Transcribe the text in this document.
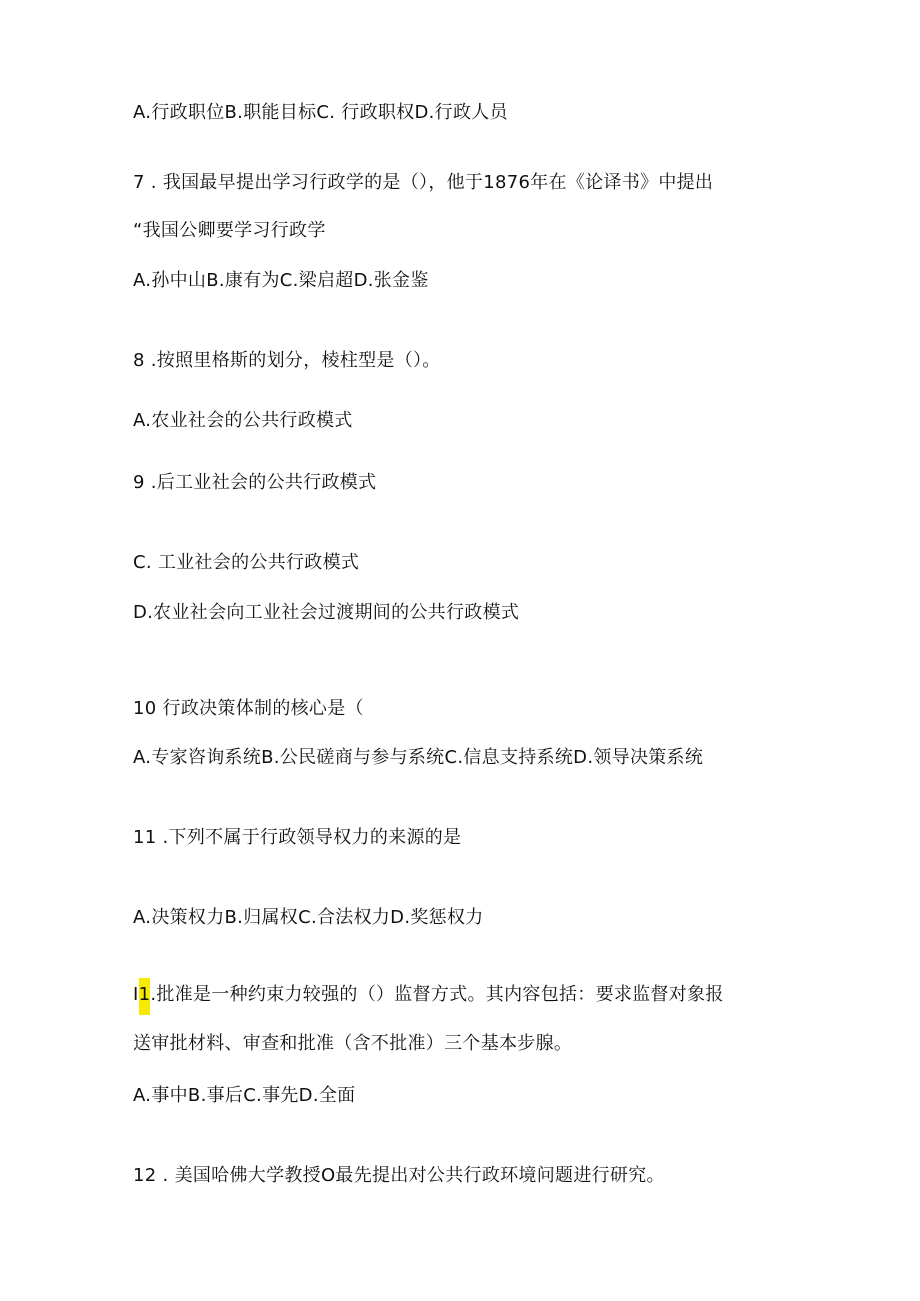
A.行政职位B.职能目标C. 行政职权D.行政人员
7 . 我国最早提出学习行政学的是（），他于1876年在《论译书》中提出
“我国公卿要学习行政学
A.孙中山B.康有为C.梁启超D.张金鉴
8 .按照里格斯的划分，棱柱型是（）。
A.农业社会的公共行政模式
9 .后工业社会的公共行政模式
C. 工业社会的公共行政模式
D.农业社会向工业社会过渡期间的公共行政模式
10 行政决策体制的核心是（
A.专家咨询系统B.公民磋商与参与系统C.信息支持系统D.领导决策系统
11 .下列不属于行政领导权力的来源的是
A.决策权力B.归属权C.合法权力D.奖惩权力
I1.批准是一种约束力较强的（）监督方式。其内容包括：要求监督对象报
送审批材料、审查和批准（含不批准）三个基本步腺。
A.事中B.事后C.事先D.全面
12 . 美国哈佛大学教授O最先提出对公共行政环境问题进行研究。
